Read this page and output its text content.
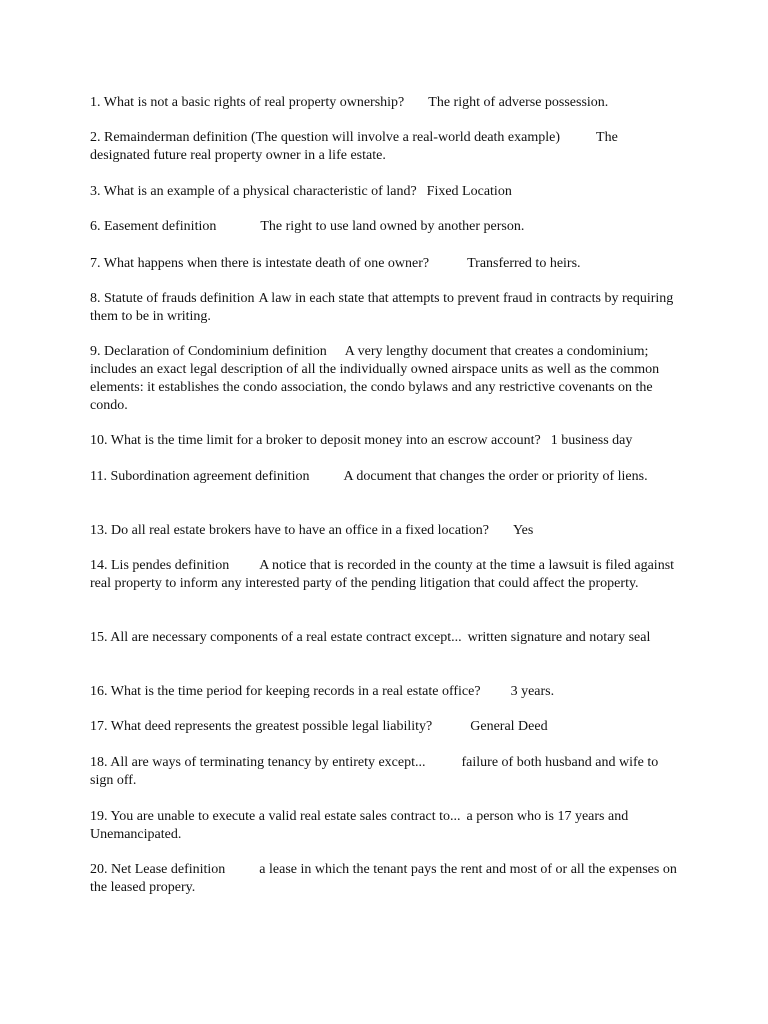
1. What is not a basic rights of real property ownership? The right of adverse possession.

2. Remainderman definition (The question will involve a real-world death example)	The designated future real property owner in a life estate.

3. What is an example of a physical characteristic of land? Fixed Location

6. Easement definition	The right to use land owned by another person.

7. What happens when there is intestate death of one owner?	Transferred to heirs.

8. Statute of frauds definition A law in each state that attempts to prevent fraud in contracts by requiring them to be in writing.

9. Declaration of Condominium definition A very lengthy document that creates a condominium; includes an exact legal description of all the individually owned airspace units as well as the common elements: it establishes the condo association, the condo bylaws and any restrictive covenants on the condo.

10. What is the time limit for a broker to deposit money into an escrow account? 1 business day

11. Subordination agreement definition A document that changes the order or priority of liens.

13. Do all real estate brokers have to have an office in a fixed location? Yes

14. Lis pendes definition A notice that is recorded in the county at the time a lawsuit is filed against real property to inform any interested party of the pending litigation that could affect the property.

15. All are necessary components of a real estate contract except... written signature and notary seal

16. What is the time period for keeping records in a real estate office? 3 years.

17. What deed represents the greatest possible legal liability?	General Deed

18. All are ways of terminating tenancy by entirety except...	failure of both husband and wife to sign off.

19. You are unable to execute a valid real estate sales contract to... a person who is 17 years and Unemancipated.

20. Net Lease definition a lease in which the tenant pays the rent and most of or all the expenses on the leased propery.
